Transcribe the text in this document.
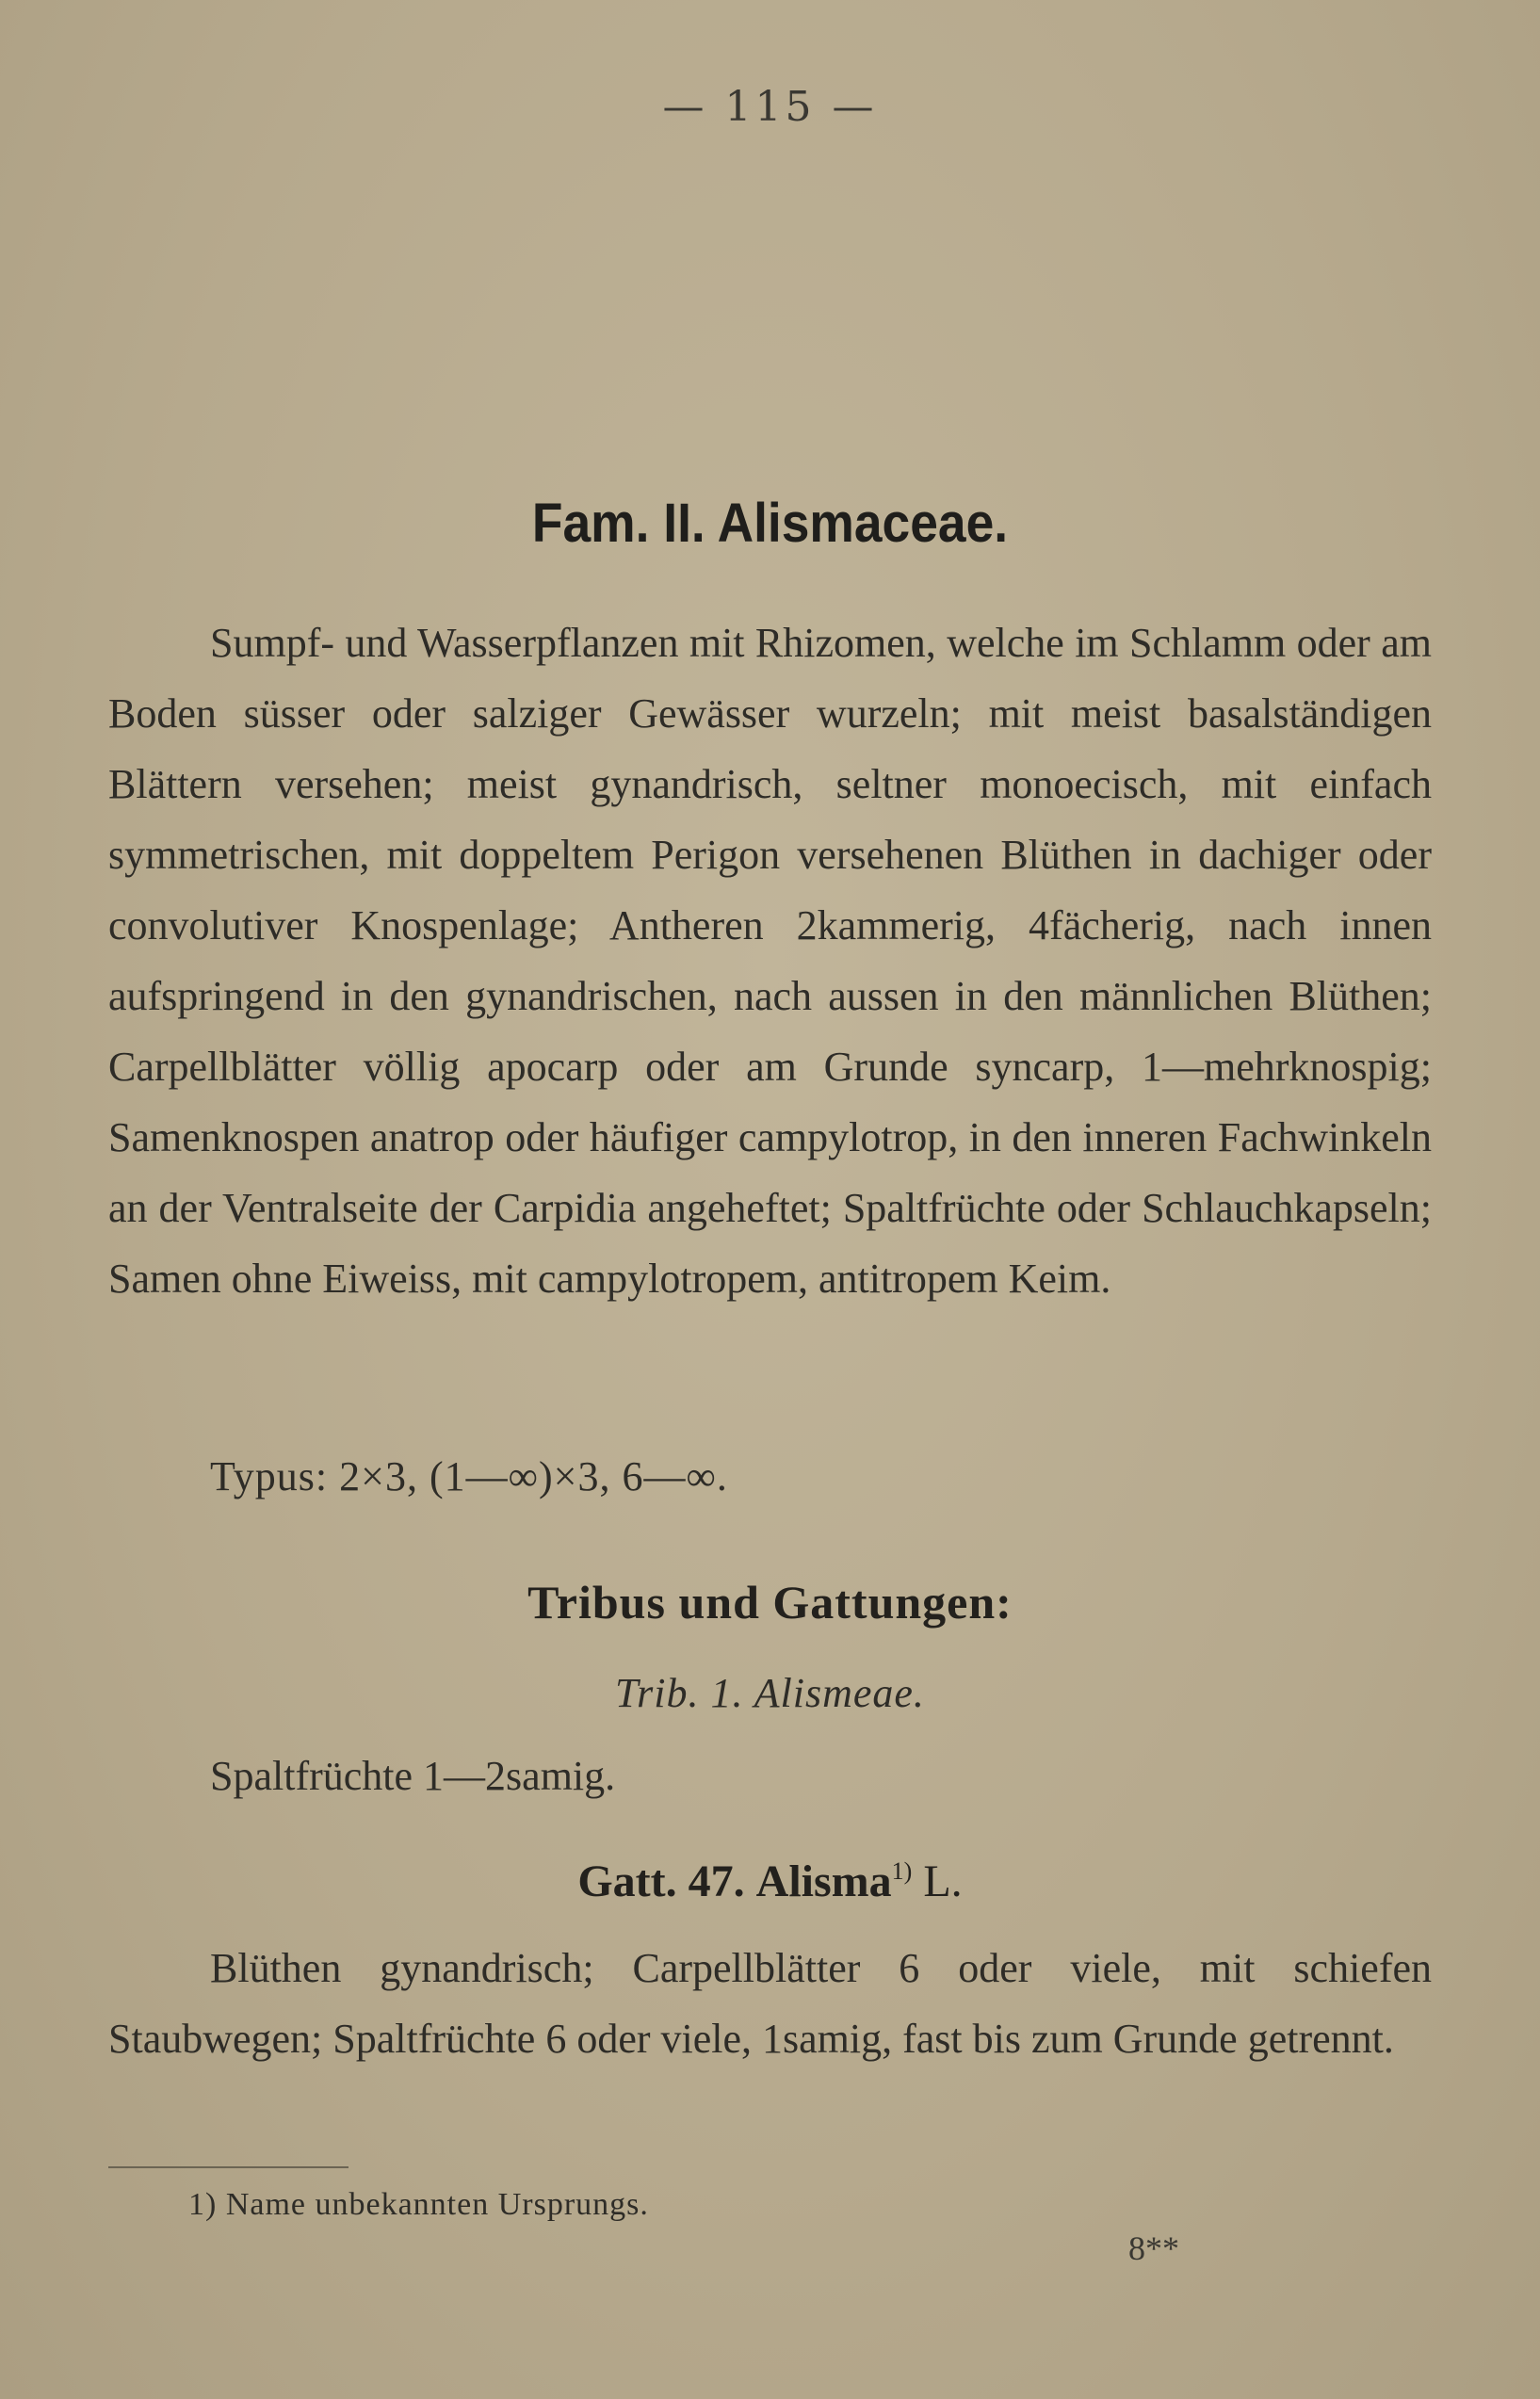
— 115 —
Fam. II. Alismaceae.
Sumpf- und Wasserpflanzen mit Rhizomen, welche im Schlamm oder am Boden süsser oder salziger Gewässer wurzeln; mit meist basalständigen Blättern versehen; meist gynandrisch, seltner monoecisch, mit einfach symmetrischen, mit doppeltem Perigon versehenen Blüthen in dachiger oder convolutiver Knospenlage; Antheren 2kammerig, 4fächerig, nach innen aufspringend in den gynandrischen, nach aussen in den männlichen Blüthen; Carpellblätter völlig apocarp oder am Grunde syncarp, 1—mehrknospig; Samenknospen anatrop oder häufiger campylotrop, in den inneren Fachwinkeln an der Ventralseite der Carpidia angeheftet; Spaltfrüchte oder Schlauchkapseln; Samen ohne Eiweiss, mit campylotropem, antitropem Keim.
Typus: 2×3, (1—∞)×3, 6—∞.
Tribus und Gattungen:
Trib. 1. Alismeae.
Spaltfrüchte 1—2samig.
Gatt. 47. Alisma$^{1)}$ L.
Blüthen gynandrisch; Carpellblätter 6 oder viele, mit schiefen Staubwegen; Spaltfrüchte 6 oder viele, 1samig, fast bis zum Grunde getrennt.
1) Name unbekannten Ursprungs.
8**
